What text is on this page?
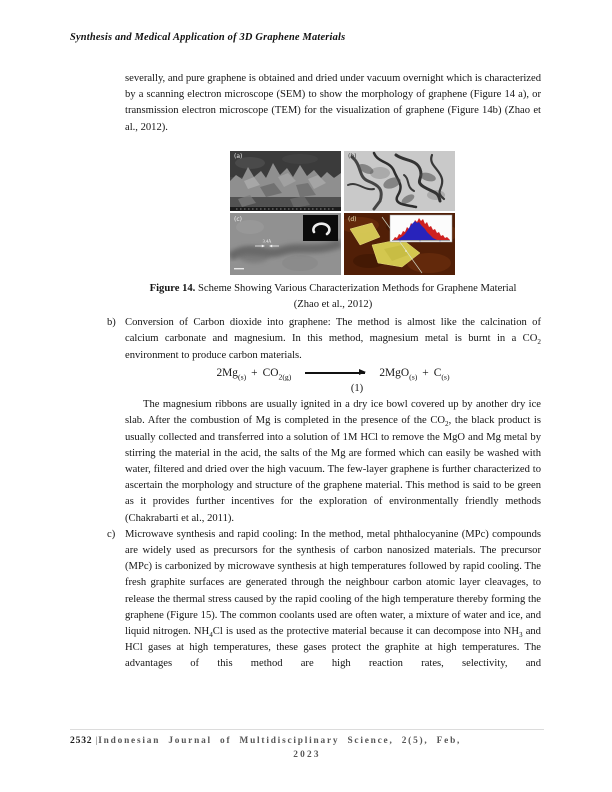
Synthesis and Medical Application of 3D Graphene Materials
severally, and pure graphene is obtained and dried under vacuum overnight which is characterized by a scanning electron microscope (SEM) to show the morphology of graphene (Figure 14 a), or transmission electron microscope (TEM) for the visualization of graphene (Figure 14b) (Zhao et al., 2012).
3.4Å
(a)	(b)
(c)	(d)
Figure 14. Scheme Showing Various Characterization Methods for Graphene Material (Zhao et al., 2012)
b) Conversion of Carbon dioxide into graphene: The method is almost like the calcination of calcium carbonate and magnesium. In this method, magnesium metal is burnt in a $CO_2$ environment to produce carbon materials.
$2Mg_{(s)} + CO_{2(g)}$	$2MgO_{(s)} + C_{(s)}$
(1)
The magnesium ribbons are usually ignited in a dry ice bowl covered up by another dry ice slab. After the combustion of Mg is completed in the presence of the $CO_2$, the black product is usually collected and transferred into a solution of 1M HCl to remove the MgO and Mg metal by stirring the material in the acid, the salts of the Mg are formed which can easily be washed with water, filtered and dried over the high vacuum. The few-layer graphene is further characterized to ascertain the morphology and structure of the graphene material. This method is said to be green as it provides further incentives for the exploration of environmentally friendly methods (Chakrabarti et al., 2011).
c) Microwave synthesis and rapid cooling: In the method, metal phthalocyanine (MPc) compounds are widely used as precursors for the synthesis of carbon nanosized materials. The precursor (MPc) is carbonized by microwave synthesis at high temperatures followed by rapid cooling. The fresh graphite surfaces are generated through the neighbour carbon atomic layer cleavages, to release the thermal stress caused by the rapid cooling of the high temperature thereby forming the graphene (Figure 15). The common coolants used are often water, a mixture of water and ice, and liquid nitrogen. $NH_4Cl$ is used as the protective material because it can decompose into $NH_3$ and HCl gases at high temperatures, these gases protect the graphite at high temperatures. The advantages of this method are high reaction rates, selectivity, and
2532 | Indonesian Journal of Multidisciplinary Science, 2(5), Feb,
2023
